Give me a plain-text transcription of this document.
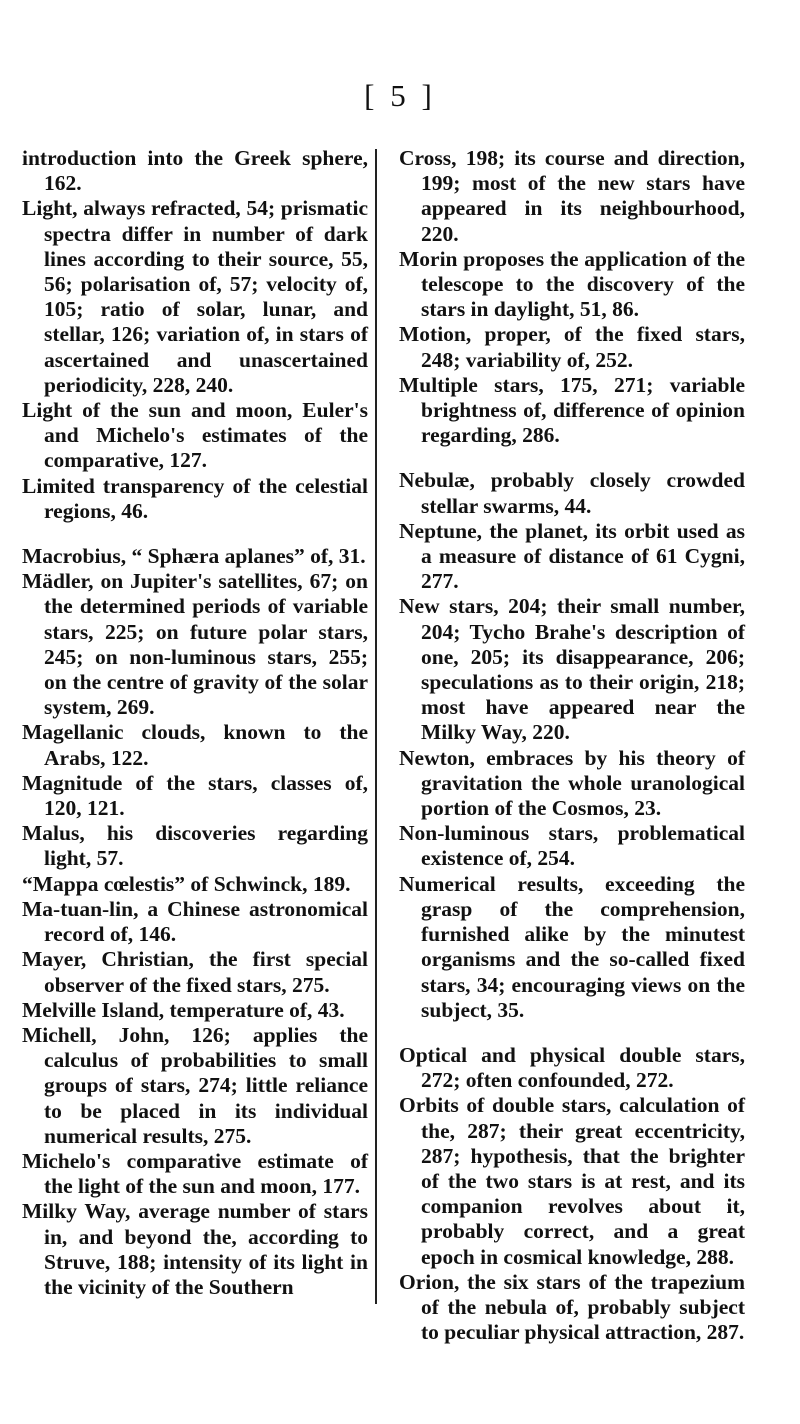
[ 5 ]

introduction into the Greek sphere, 162.

Light, always refracted, 54; prismatic spectra differ in number of dark lines according to their source, 55, 56; polarisation of, 57; velocity of, 105; ratio of solar, lunar, and stellar, 126; variation of, in stars of ascertained and unascertained periodicity, 228, 240.

Light of the sun and moon, Euler's and Michelo's estimates of the comparative, 127.

Limited transparency of the celestial regions, 46.

Macrobius, “ Sphæra aplanes” of, 31.

Mädler, on Jupiter's satellites, 67; on the determined periods of variable stars, 225; on future polar stars, 245; on non-luminous stars, 255; on the centre of gravity of the solar system, 269.

Magellanic clouds, known to the Arabs, 122.

Magnitude of the stars, classes of, 120, 121.

Malus, his discoveries regarding light, 57.

“Mappa cœlestis” of Schwinck, 189.

Ma-tuan-lin, a Chinese astronomical record of, 146.

Mayer, Christian, the first special observer of the fixed stars, 275.

Melville Island, temperature of, 43.

Michell, John, 126; applies the calculus of probabilities to small groups of stars, 274; little reliance to be placed in its individual numerical results, 275.

Michelo's comparative estimate of the light of the sun and moon, 177.

Milky Way, average number of stars in, and beyond the, according to Struve, 188; intensity of its light in the vicinity of the Southern

Cross, 198; its course and direction, 199; most of the new stars have appeared in its neighbourhood, 220.

Morin proposes the application of the telescope to the discovery of the stars in daylight, 51, 86.

Motion, proper, of the fixed stars, 248; variability of, 252.

Multiple stars, 175, 271; variable brightness of, difference of opinion regarding, 286.

Nebulæ, probably closely crowded stellar swarms, 44.

Neptune, the planet, its orbit used as a measure of distance of 61 Cygni, 277.

New stars, 204; their small number, 204; Tycho Brahe's description of one, 205; its disappearance, 206; speculations as to their origin, 218; most have appeared near the Milky Way, 220.

Newton, embraces by his theory of gravitation the whole uranological portion of the Cosmos, 23.

Non-luminous stars, problematical existence of, 254.

Numerical results, exceeding the grasp of the comprehension, furnished alike by the minutest organisms and the so-called fixed stars, 34; encouraging views on the subject, 35.

Optical and physical double stars, 272; often confounded, 272.

Orbits of double stars, calculation of the, 287; their great eccentricity, 287; hypothesis, that the brighter of the two stars is at rest, and its companion revolves about it, probably correct, and a great epoch in cosmical knowledge, 288.

Orion, the six stars of the trapezium of the nebula of, probably subject to peculiar physical attraction, 287.
